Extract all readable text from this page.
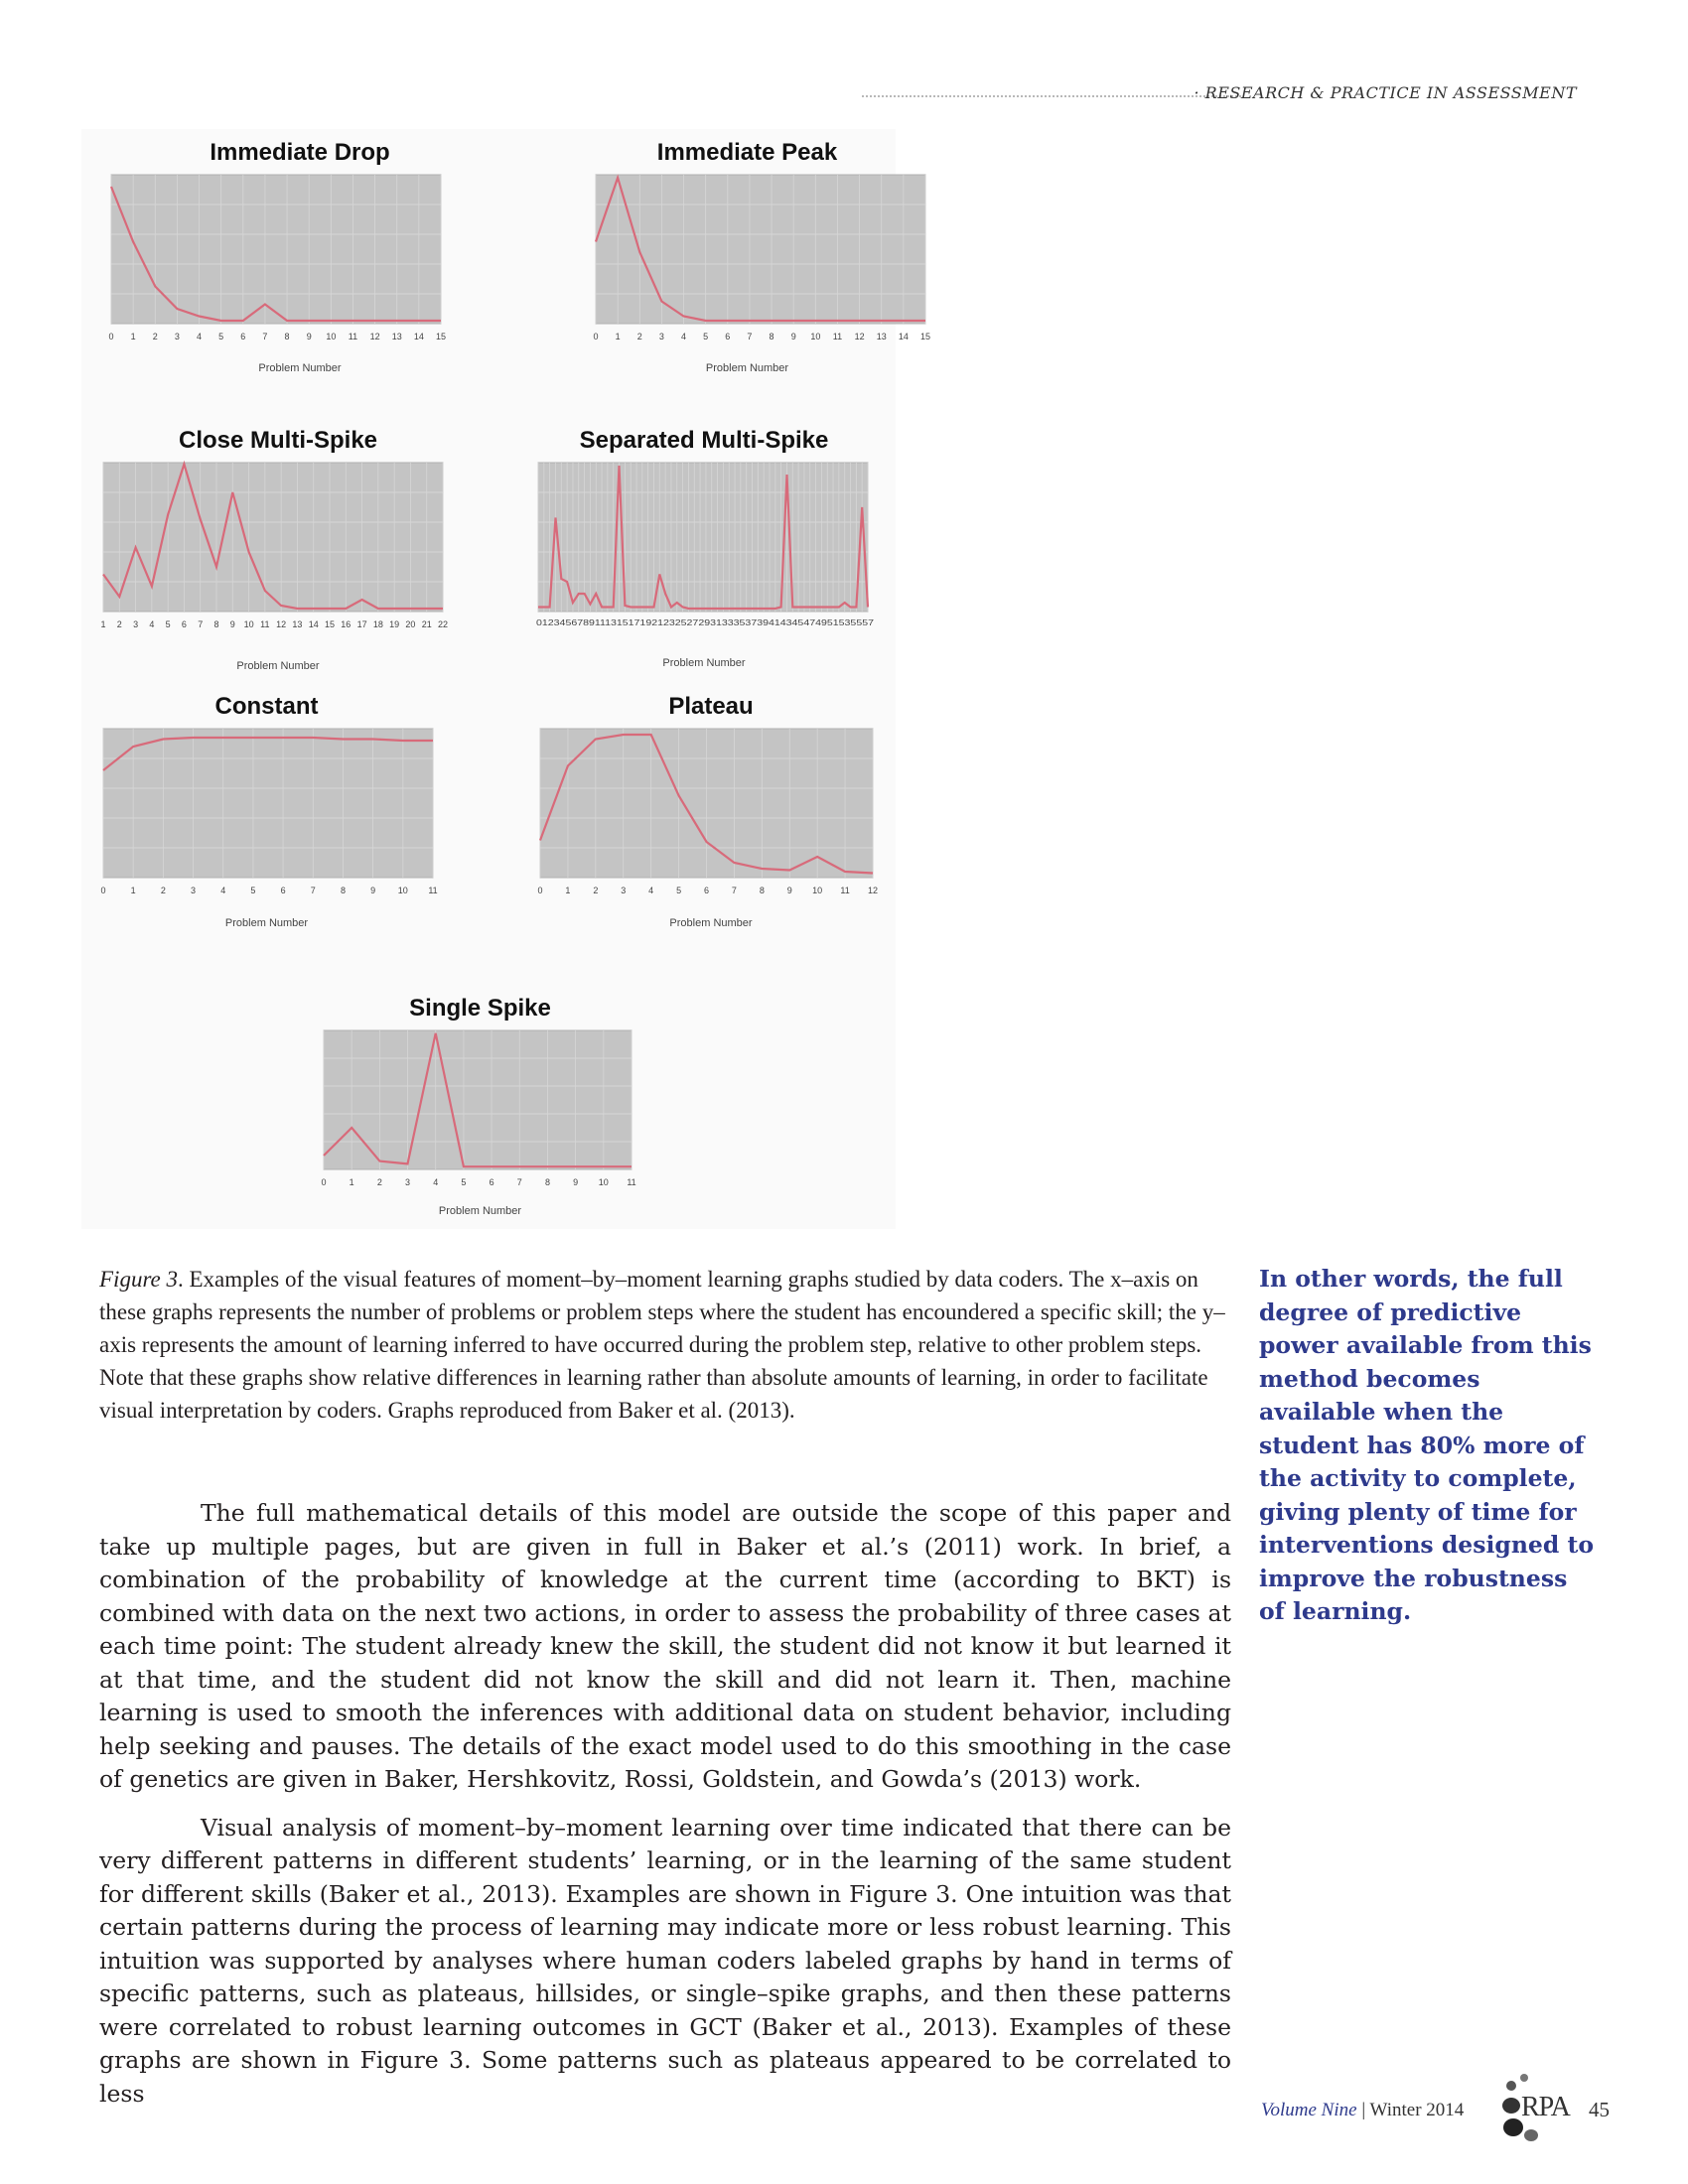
· RESEARCH & PRACTICE IN ASSESSMENT
Immediate Drop
0 1 2 3 4 5 6 7 8 9 10 11 12 13 14 15
Problem Number
Immediate Peak
0 1 2 3 4 5 6 7 8 9 10 11 12 13 14 15
Problem Number
Close Multi-Spike
1 2 3 4 5 6 7 8 9 10 11 12 13 14 15 16 17 18 19 20 21 22
Problem Number
Separated Multi-Spike
0123456789111315171921232527293133353739414345474951535557
Problem Number
Constant
0	1	2	3	4	5	6	7	8	9	10 11
Problem Number
Plateau
0	1	2	3	4	5	6	7	8	9 10 11 12
Problem Number
Single Spike
0	1	2	3	4	5	6	7	8	9 10 11
Problem Number
Figure 3. Examples of the visual features of moment–by–moment learning graphs studied by data coders. The x–axis on these graphs represents the number of problems or problem steps where the student has encoundered a specific skill; the y–axis represents the amount of learning inferred to have occurred during the problem step, relative to other problem steps. Note that these graphs show relative differences in learning rather than absolute amounts of learning, in order to facilitate visual interpretation by coders. Graphs reproduced from Baker et al. (2013).

The full mathematical details of this model are outside the scope of this paper and take up multiple pages, but are given in full in Baker et al.’s (2011) work. In brief, a combination of the probability of knowledge at the current time (according to BKT) is combined with data on the next two actions, in order to assess the probability of three cases at each time point: The student already knew the skill, the student did not know it but learned it at that time, and the student did not know the skill and did not learn it. Then, machine learning is used to smooth the inferences with additional data on student behavior, including help seeking and pauses. The details of the exact model used to do this smoothing in the case of genetics are given in Baker, Hershkovitz, Rossi, Goldstein, and Gowda’s (2013) work.

Visual analysis of moment–by–moment learning over time indicated that there can be very different patterns in different students’ learning, or in the learning of the same student for different skills (Baker et al., 2013). Examples are shown in Figure 3. One intuition was that certain patterns during the process of learning may indicate more or less robust learning. This intuition was supported by analyses where human coders labeled graphs by hand in terms of specific patterns, such as plateaus, hillsides, or single–spike graphs, and then these patterns were correlated to robust learning outcomes in GCT (Baker et al., 2013). Examples of these graphs are shown in Figure 3. Some patterns such as plateaus appeared to be correlated to less

In other words, the full degree of predictive power available from this method becomes available when the student has 80% more of the activity to complete, giving plenty of time for interventions designed to improve the robustness of learning.
Volume Nine | Winter 2014 RPA 45
